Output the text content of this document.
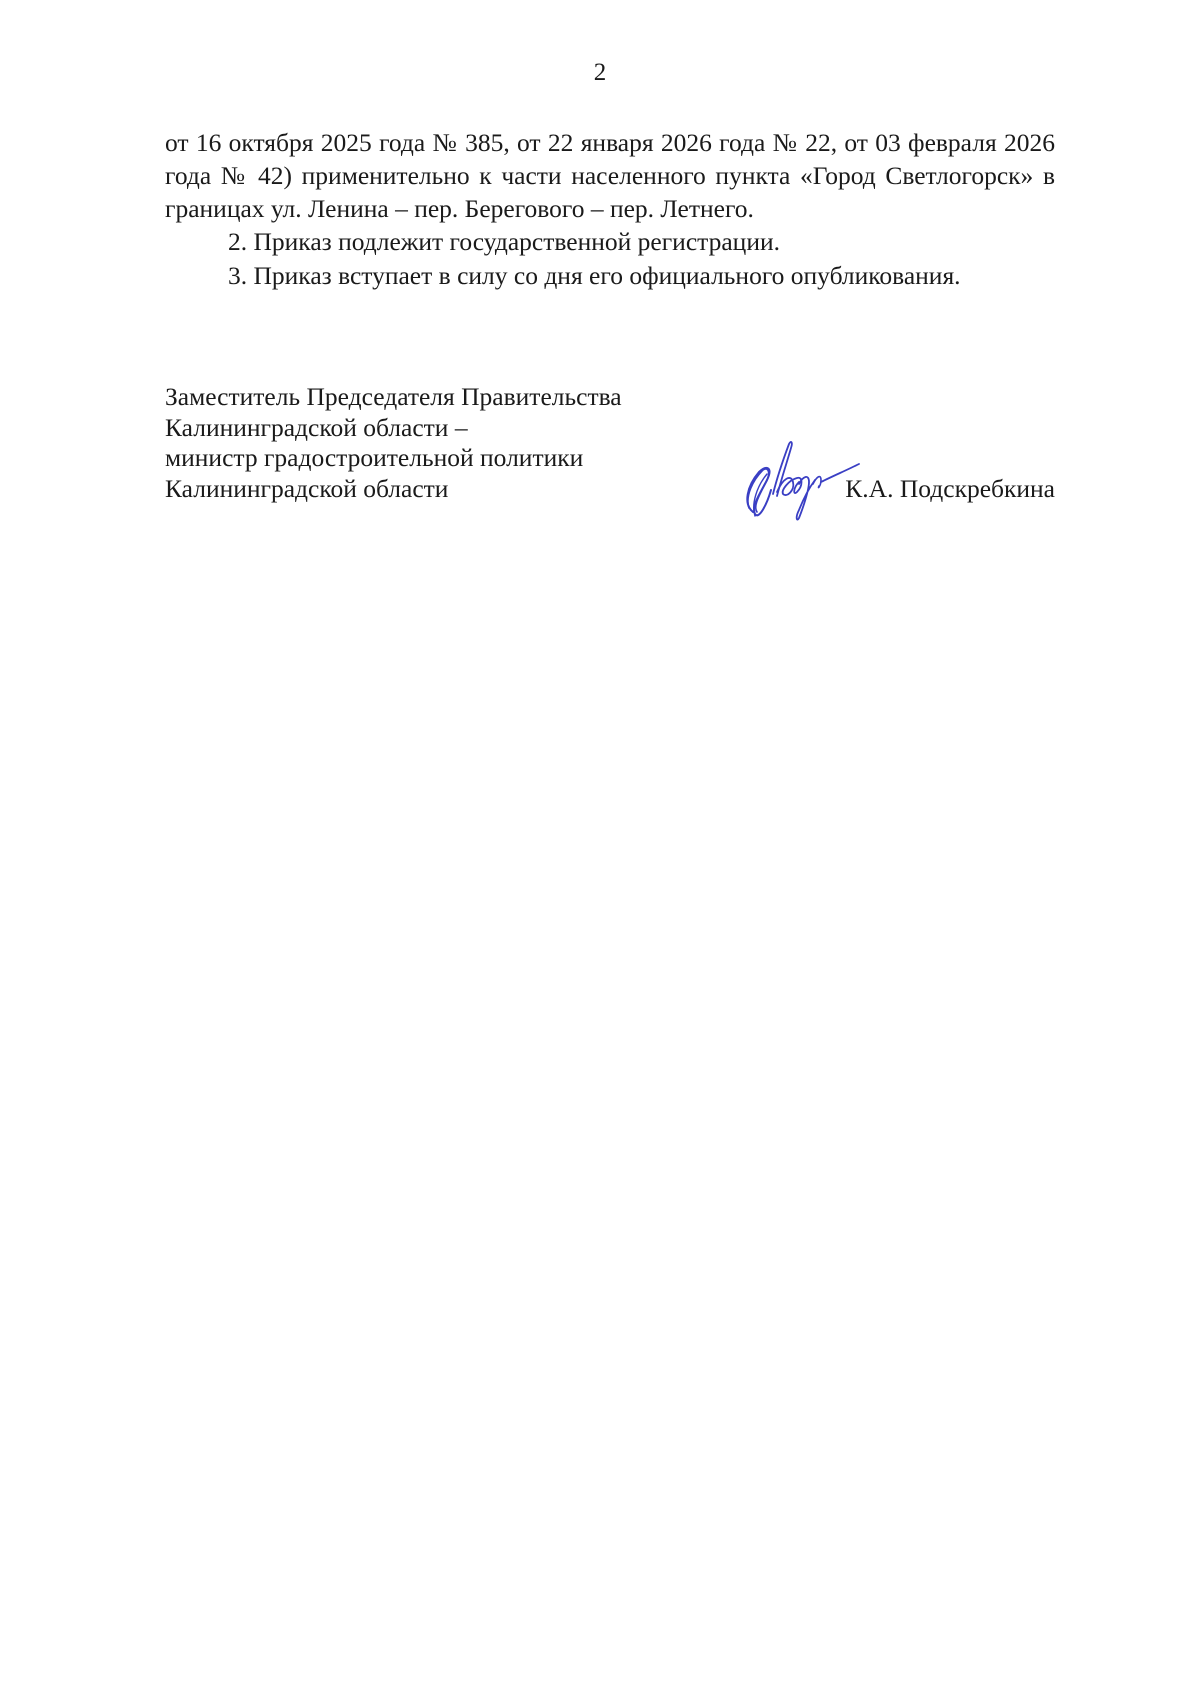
2

от 16 октября 2025 года № 385, от 22 января 2026 года № 22, от 03 февраля 2026 года № 42) применительно к части населенного пункта «Город Светлогорск» в границах ул. Ленина – пер. Берегового – пер. Летнего.

2. Приказ подлежит государственной регистрации.

3. Приказ вступает в силу со дня его официального опубликования.

Заместитель Председателя Правительства
Калининградской области –
министр градостроительной политики
Калининградской области	К.А. Подскребкина
